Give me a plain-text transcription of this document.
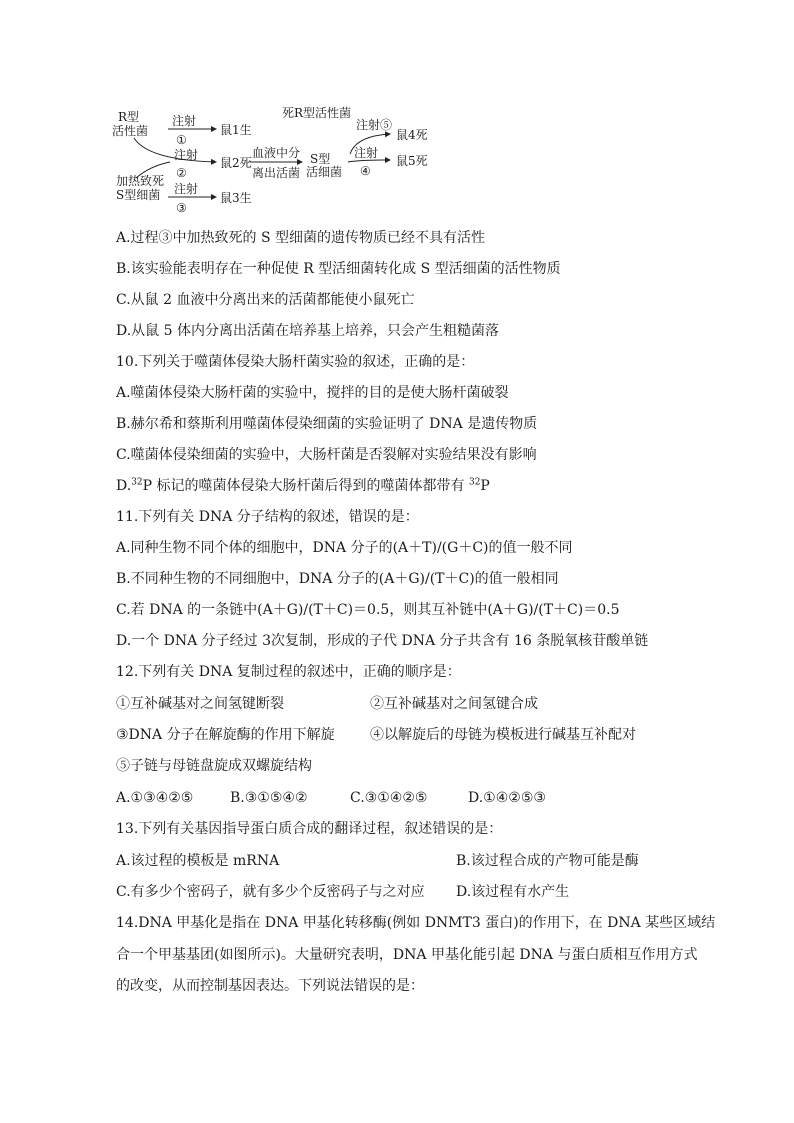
R型
活性菌
注射
①
鼠1生
注射
②
鼠2死
加热致死
S型细菌 注射
③
鼠3生
血液中分
离出活菌
S型
活细菌
死R型活性菌
注射⑤
鼠4死
注射
④
鼠5死
A.过程③中加热致死的 S 型细菌的遗传物质已经不具有活性
B.该实验能表明存在一种促使 R 型活细菌转化成 S 型活细菌的活性物质
C.从鼠 2 血液中分离出来的活菌都能使小鼠死亡
D.从鼠 5 体内分离出活菌在培养基上培养，只会产生粗糙菌落
10.下列关于噬菌体侵染大肠杆菌实验的叙述，正确的是：
A.噬菌体侵染大肠杆菌的实验中，搅拌的目的是使大肠杆菌破裂
B.赫尔希和蔡斯利用噬菌体侵染细菌的实验证明了 DNA 是遗传物质
C.噬菌体侵染细菌的实验中，大肠杆菌是否裂解对实验结果没有影响
D.$^{32}$P 标记的噬菌体侵染大肠杆菌后得到的噬菌体都带有 $^{32}$P
11.下列有关 DNA 分子结构的叙述，错误的是：
A.同种生物不同个体的细胞中，DNA 分子的(A＋T)/(G＋C)的值一般不同
B.不同种生物的不同细胞中，DNA 分子的(A＋G)/(T＋C)的值一般相同
C.若 DNA 的一条链中(A＋G)/(T＋C)＝0.5，则其互补链中(A＋G)/(T＋C)＝0.5
D.一个 DNA 分子经过 3次复制，形成的子代 DNA 分子共含有 16 条脱氧核苷酸单链
12.下列有关 DNA 复制过程的叙述中，正确的顺序是：
①互补碱基对之间氢键断裂	②互补碱基对之间氢键合成
③DNA 分子在解旋酶的作用下解旋	④以解旋后的母链为模板进行碱基互补配对
⑤子链与母链盘旋成双螺旋结构
A.①③④②⑤	B.③①⑤④②	C.③①④②⑤	D.①④②⑤③
13.下列有关基因指导蛋白质合成的翻译过程，叙述错误的是：
A.该过程的模板是 mRNA	B.该过程合成的产物可能是酶
C.有多少个密码子，就有多少个反密码子与之对应 D.该过程有水产生
14.DNA 甲基化是指在 DNA 甲基化转移酶(例如 DNMT3 蛋白)的作用下，在 DNA 某些区域结
合一个甲基基团(如图所示)。大量研究表明，DNA 甲基化能引起 DNA 与蛋白质相互作用方式
的改变，从而控制基因表达。下列说法错误的是：
